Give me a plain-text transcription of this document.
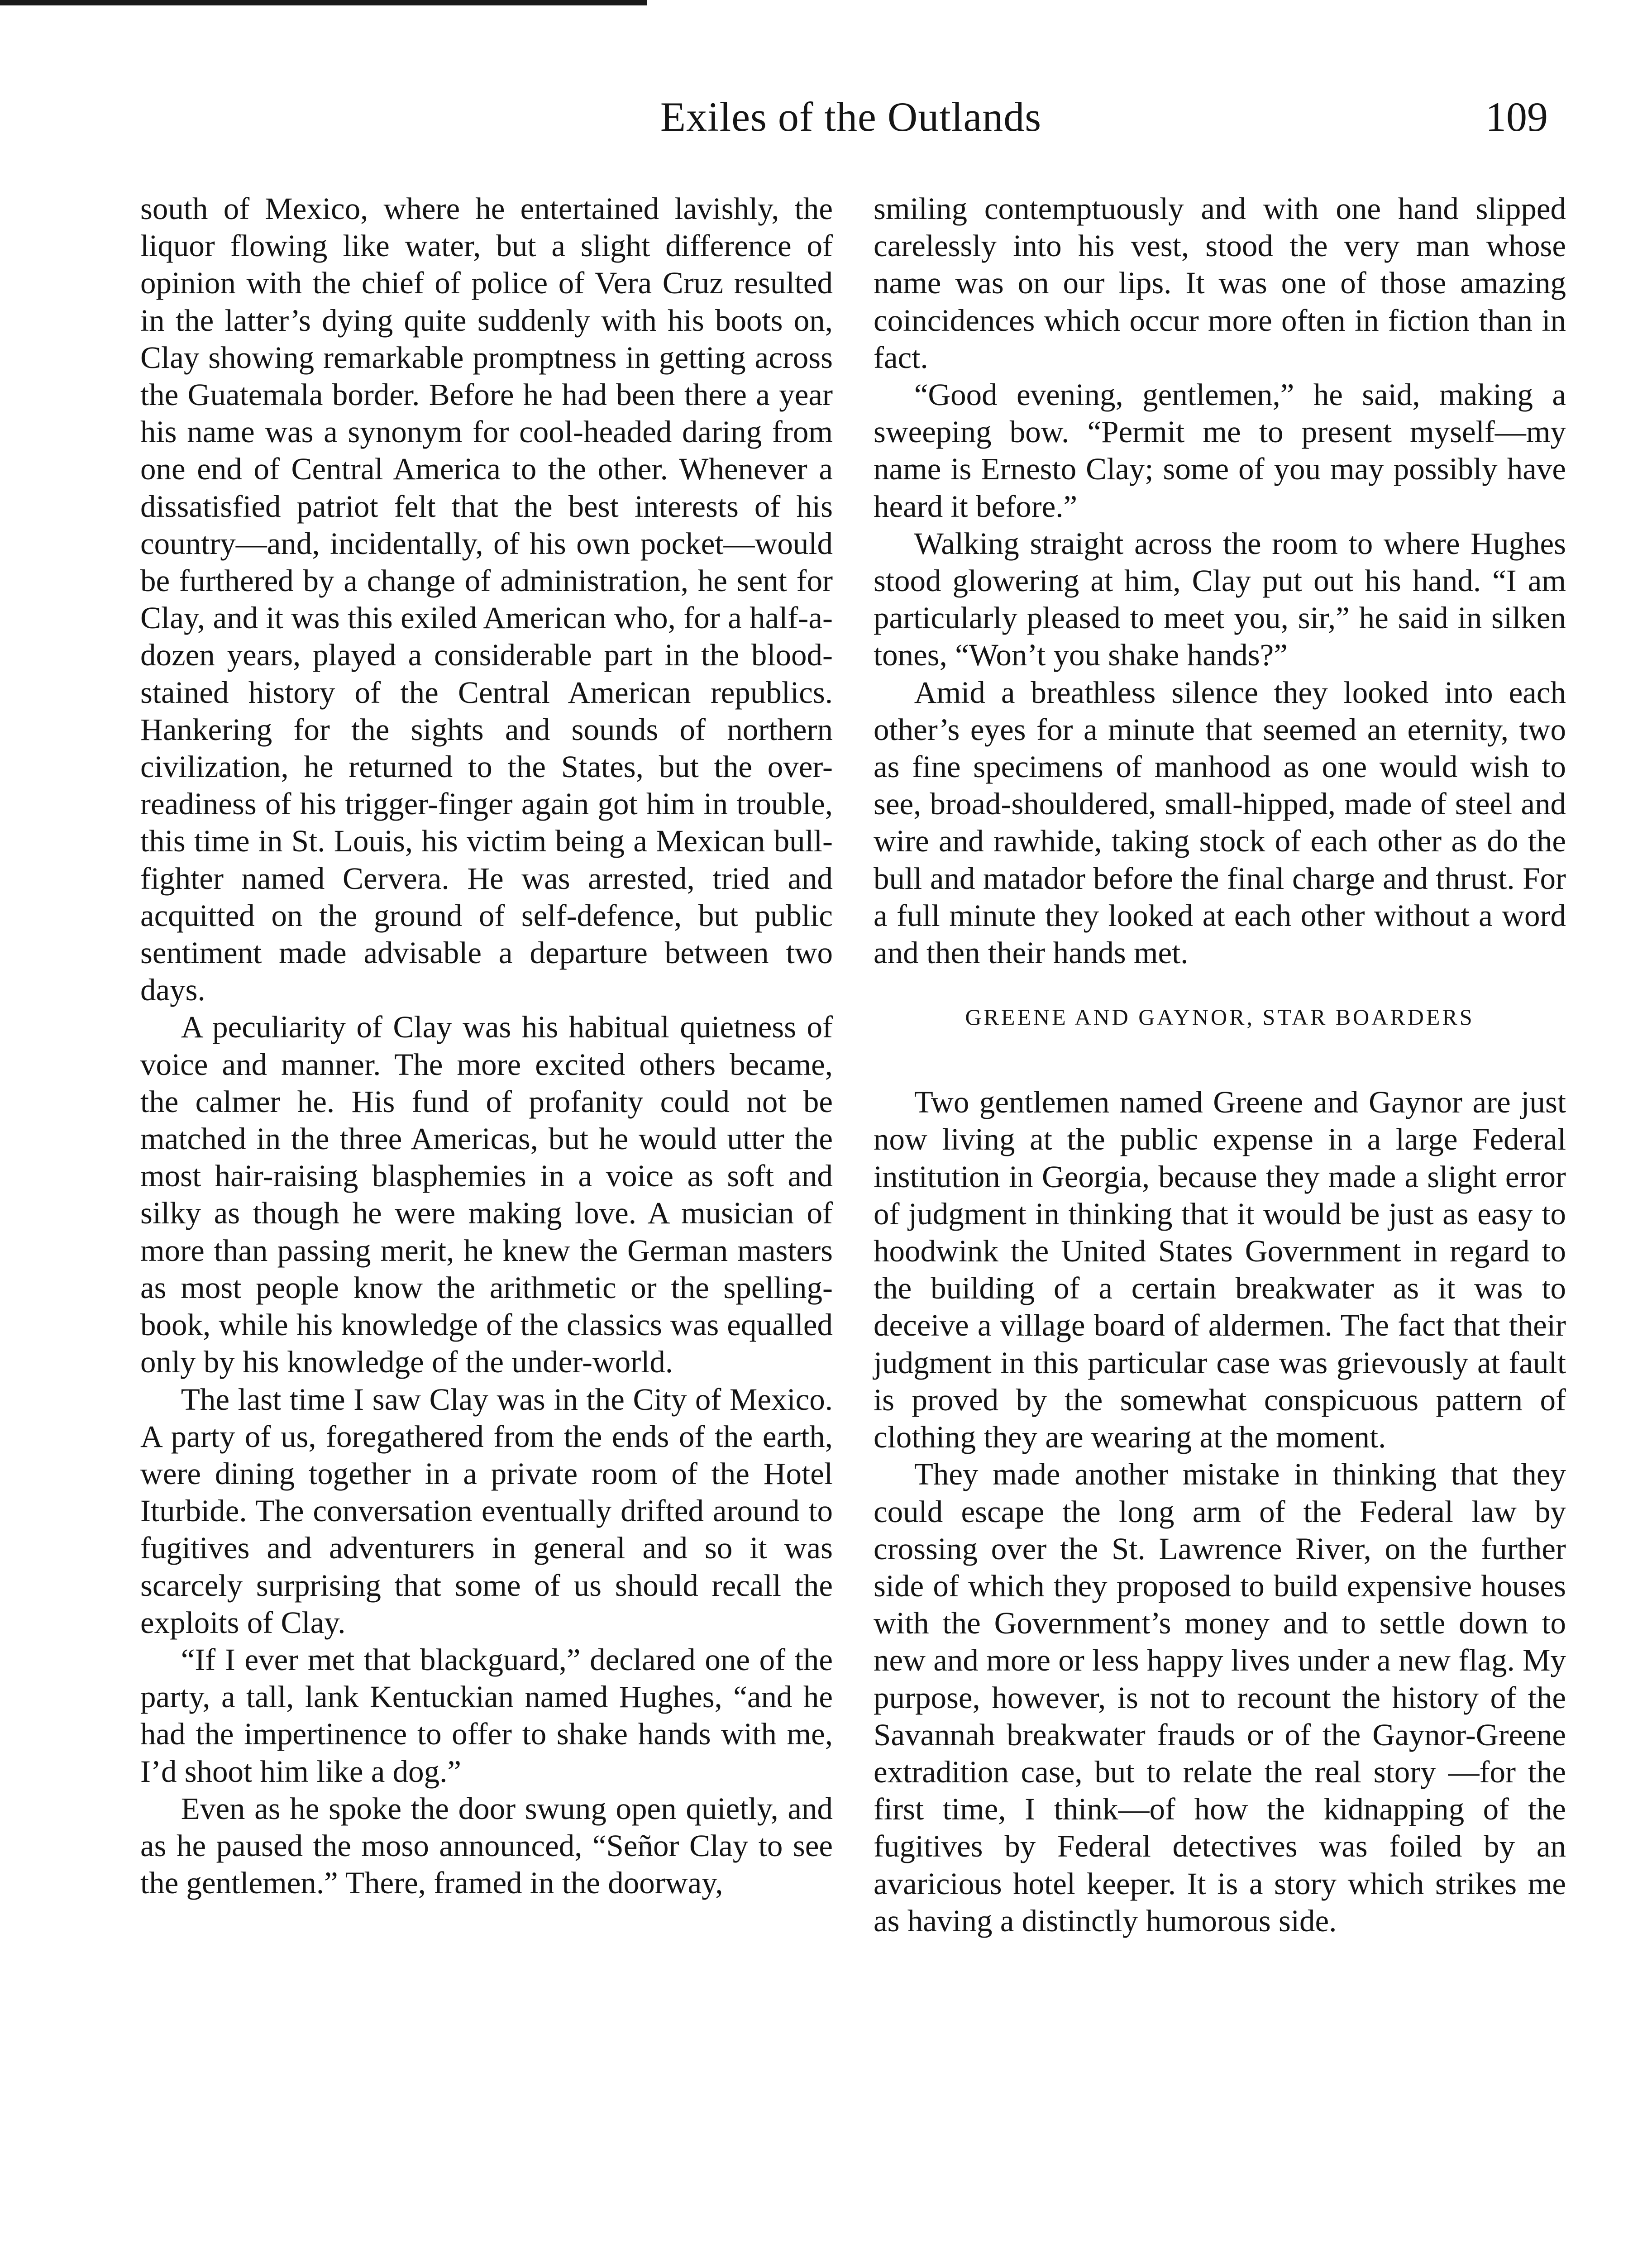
Exiles of the Outlands	109

south of Mexico, where he entertained lavishly, the liquor flowing like water, but a slight difference of opinion with the chief of police of Vera Cruz resulted in the latter’s dying quite suddenly with his boots on, Clay showing remarkable promptness in getting across the Guatemala border. Before he had been there a year his name was a synonym for cool-headed daring from one end of Central America to the other. Whenever a dissatisfied patriot felt that the best interests of his country—and, incidentally, of his own pocket—would be furthered by a change of administration, he sent for Clay, and it was this exiled American who, for a half-a-dozen years, played a considerable part in the blood-stained history of the Central American republics. Hankering for the sights and sounds of northern civilization, he returned to the States, but the over-readiness of his trigger-finger again got him in trouble, this time in St. Louis, his victim being a Mexican bull-fighter named Cervera. He was arrested, tried and acquitted on the ground of self-defence, but public sentiment made advisable a departure between two days.

A peculiarity of Clay was his habitual quietness of voice and manner. The more excited others became, the calmer he. His fund of profanity could not be matched in the three Americas, but he would utter the most hair-raising blasphemies in a voice as soft and silky as though he were making love. A musician of more than passing merit, he knew the German masters as most people know the arithmetic or the spelling-book, while his knowledge of the classics was equalled only by his knowledge of the under-world.

The last time I saw Clay was in the City of Mexico. A party of us, foregathered from the ends of the earth, were dining together in a private room of the Hotel Iturbide. The conversation eventually drifted around to fugitives and adventurers in general and so it was scarcely surprising that some of us should recall the exploits of Clay.

“If I ever met that blackguard,” declared one of the party, a tall, lank Kentuckian named Hughes, “and he had the impertinence to offer to shake hands with me, I’d shoot him like a dog.”

Even as he spoke the door swung open quietly, and as he paused the moso announced, “Señor Clay to see the gentlemen.” There, framed in the doorway,

smiling contemptuously and with one hand slipped carelessly into his vest, stood the very man whose name was on our lips. It was one of those amazing coincidences which occur more often in fiction than in fact.

“Good evening, gentlemen,” he said, making a sweeping bow. “Permit me to present myself—my name is Ernesto Clay; some of you may possibly have heard it before.”

Walking straight across the room to where Hughes stood glowering at him, Clay put out his hand. “I am particularly pleased to meet you, sir,” he said in silken tones, “Won’t you shake hands?”

Amid a breathless silence they looked into each other’s eyes for a minute that seemed an eternity, two as fine specimens of manhood as one would wish to see, broad-shouldered, small-hipped, made of steel and wire and rawhide, taking stock of each other as do the bull and matador before the final charge and thrust. For a full minute they looked at each other without a word and then their hands met.

GREENE AND GAYNOR, STAR BOARDERS

Two gentlemen named Greene and Gaynor are just now living at the public expense in a large Federal institution in Georgia, because they made a slight error of judgment in thinking that it would be just as easy to hoodwink the United States Government in regard to the building of a certain breakwater as it was to deceive a village board of aldermen. The fact that their judgment in this particular case was grievously at fault is proved by the somewhat conspicuous pattern of clothing they are wearing at the moment.

They made another mistake in thinking that they could escape the long arm of the Federal law by crossing over the St. Lawrence River, on the further side of which they proposed to build expensive houses with the Government’s money and to settle down to new and more or less happy lives under a new flag. My purpose, however, is not to recount the history of the Savannah breakwater frauds or of the Gaynor-Greene extradition case, but to relate the real story —for the first time, I think—of how the kidnapping of the fugitives by Federal detectives was foiled by an avaricious hotel keeper. It is a story which strikes me as having a distinctly humorous side.
